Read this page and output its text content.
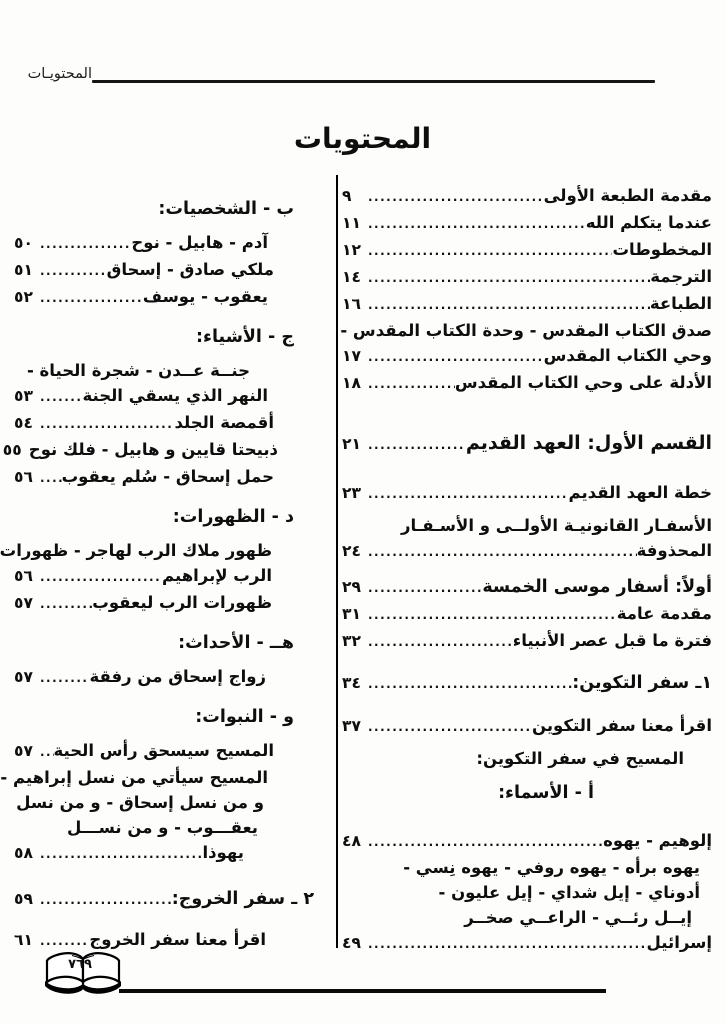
المحتويـات
المحتويات
مقدمة الطبعة الأولى
.....
٩
عندما يتكلم الله
.....
١١
المخطوطات
.....
١٢
الترجمة
.....
١٤
الطباعة
.....
١٦
صدق الكتاب المقدس - وحدة الكتاب المقدس -
وحي الكتاب المقدس
.....
١٧
الأدلة على وحي الكتاب المقدس
.....
١٨
القسم الأول: العهد القديم
.....
٢١
خطة العهد القديم
.....
٢٣
الأسفـار القانونيـة الأولــى و الأسـفـار
المحذوفة
.....
٢٤
أولاً: أسفار موسى الخمسة
.....
٢٩
مقدمة عامة
.....
٣١
فترة ما قبل عصر الأنبياء
.....
٣٢
١ـ سفر التكوين:
.....
٣٤
اقرأ معنا سفر التكوين
.....
٣٧
المسيح في سفر التكوين:
أ - الأسماء:
إلوهيم - يهوه
.....
٤٨
يهوه برأه - يهوه روفي - يهوه نِسي -
أدوناي - إيل شداي - إيل عليون -
إيــل رئــي - الراعــي صخــر
إسرائيل
.....
٤٩
ب - الشخصيات:
آدم - هابيل - نوح
.....
٥٠
ملكي صادق - إسحاق
.....
٥١
يعقوب - يوسف
.....
٥٢
ج - الأشياء:
جنــة عــدن - شجرة الحياة -
النهر الذي يسقي الجنة
.....
٥٣
أقمصة الجلد
.....
٥٤
ذبيحتا قايين و هابيل - فلك نوح
٥٥
حمل إسحاق - سُلم يعقوب
.....
٥٦
د - الظهورات:
ظهور ملاك الرب لهاجر - ظهورات
الرب لإبراهيم
.....
٥٦
ظهورات الرب ليعقوب
.....
٥٧
هــ - الأحداث:
زواج إسحاق من رفقة
.....
٥٧
و - النبوات:
المسيح سيسحق رأس الحية
.....
٥٧
المسيح سيأتي من نسل إبراهيم -
و من نسل إسحاق - و من نسل
يعقـــوب - و من نســـل
يهوذا
.....
٥٨
٢ ـ سفر الخروج:
.....
٥٩
اقرأ معنا سفر الخروج
.....
٦١
٧٦٩
